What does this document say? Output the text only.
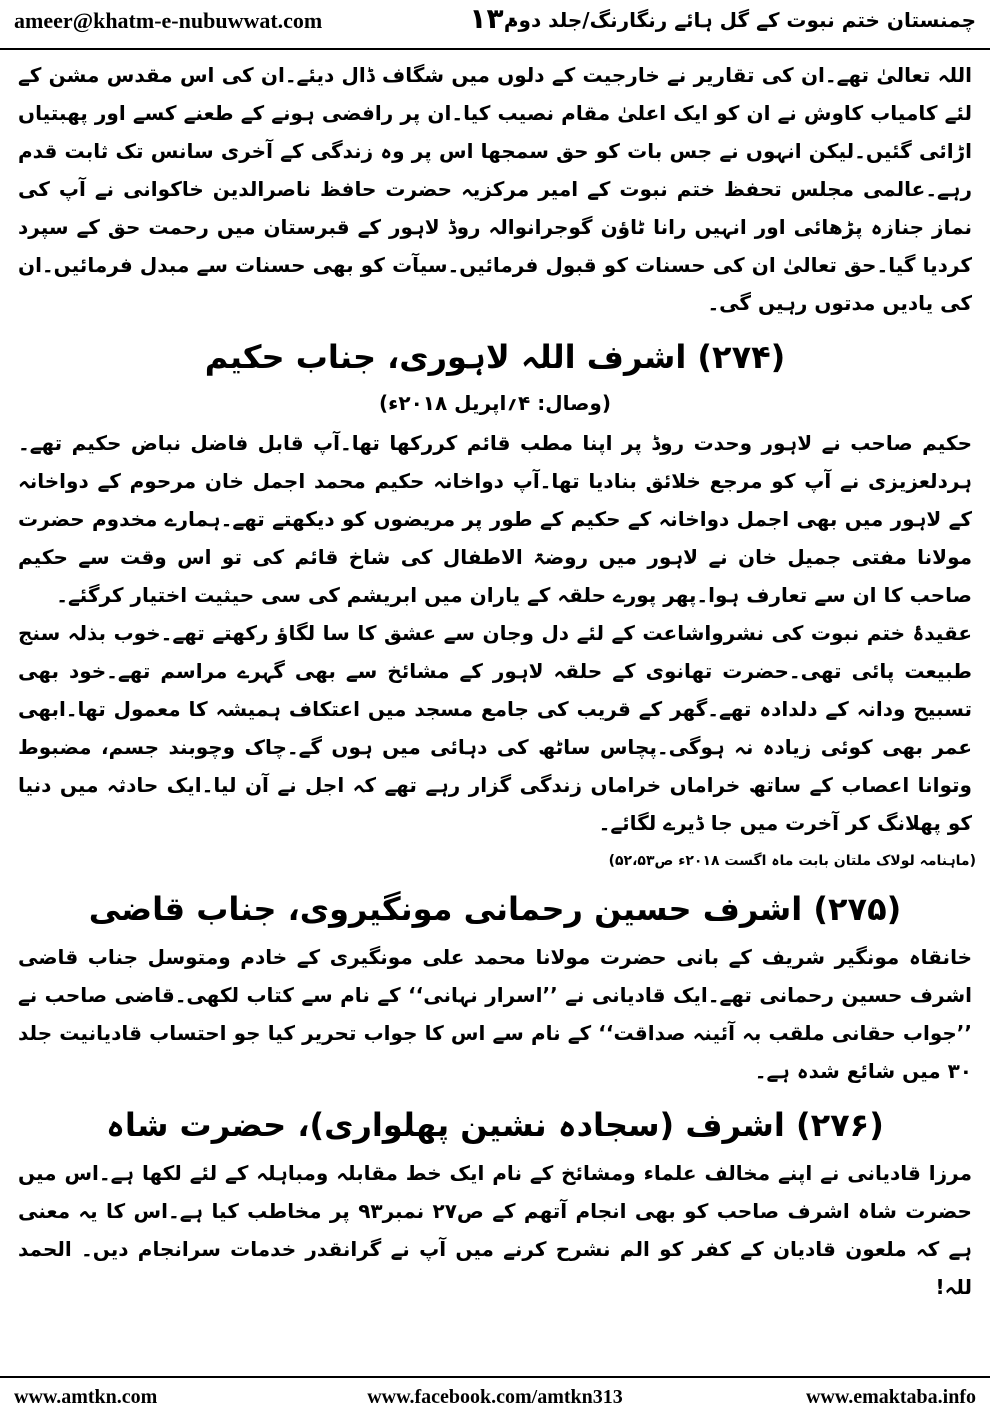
ameer@khatm-e-nubuwwat.com	۱۳۰
چمنستان ختم نبوت کے گل ہائے رنگارنگ/جلد دوم

اللہ تعالیٰ تھے۔ان کی تقاریر نے خارجیت کے دلوں میں شگاف ڈال دیئے۔ان کی اس مقدس مشن کے لئے کامیاب کاوش نے ان کو ایک اعلیٰ مقام نصیب کیا۔ان پر رافضی ہونے کے طعنے کسے اور پھبتیاں اڑائی گئیں۔لیکن انہوں نے جس بات کو حق سمجھا اس پر وہ زندگی کے آخری سانس تک ثابت قدم رہے۔عالمی مجلس تحفظ ختم نبوت کے امیر مرکزیہ حضرت حافظ ناصرالدین خاکوانی نے آپ کی نماز جنازہ پڑھائی اور انہیں رانا ٹاؤن گوجرانوالہ روڈ لاہور کے قبرستان میں رحمت حق کے سپرد کردیا گیا۔حق تعالیٰ ان کی حسنات کو قبول فرمائیں۔سیآت کو بھی حسنات سے مبدل فرمائیں۔ان کی یادیں مدتوں رہیں گی۔

(۲۷۴) اشرف اللہ لاہوری، جناب حکیم
(وصال: ۴؍اپریل ۲۰۱۸ء)

حکیم صاحب نے لاہور وحدت روڈ پر اپنا مطب قائم کررکھا تھا۔آپ قابل فاضل نباض حکیم تھے۔ہردلعزیزی نے آپ کو مرجع خلائق بنادیا تھا۔آپ دواخانہ حکیم محمد اجمل خان مرحوم کے دواخانہ کے لاہور میں بھی اجمل دواخانہ کے حکیم کے طور پر مریضوں کو دیکھتے تھے۔ہمارے مخدوم حضرت مولانا مفتی جمیل خان نے لاہور میں روضۃ الاطفال کی شاخ قائم کی تو اس وقت سے حکیم صاحب کا ان سے تعارف ہوا۔پھر پورے حلقہ کے یاران میں ابریشم کی سی حیثیت اختیار کرگئے۔

عقیدۂ ختم نبوت کی نشرواشاعت کے لئے دل وجان سے عشق کا سا لگاؤ رکھتے تھے۔خوب بذلہ سنج طبیعت پائی تھی۔حضرت تھانوی کے حلقہ لاہور کے مشائخ سے بھی گہرے مراسم تھے۔خود بھی تسبیح ودانہ کے دلدادہ تھے۔گھر کے قریب کی جامع مسجد میں اعتکاف ہمیشہ کا معمول تھا۔ابھی عمر بھی کوئی زیادہ نہ ہوگی۔پچاس ساٹھ کی دہائی میں ہوں گے۔چاک وچوبند جسم، مضبوط وتوانا اعصاب کے ساتھ خراماں خراماں زندگی گزار رہے تھے کہ اجل نے آن لیا۔ایک حادثہ میں دنیا کو پھلانگ کر آخرت میں جا ڈیرے لگائے۔

(ماہنامہ لولاک ملتان بابت ماہ اگست ۲۰۱۸ء ص۵۲،۵۳)
(۲۷۵) اشرف حسین رحمانی مونگیروی، جناب قاضی

خانقاہ مونگیر شریف کے بانی حضرت مولانا محمد علی مونگیری کے خادم ومتوسل جناب قاضی اشرف حسین رحمانی تھے۔ایک قادیانی نے ’’اسرار نہانی‘‘ کے نام سے کتاب لکھی۔قاضی صاحب نے ’’جواب حقانی ملقب بہ آئینہ صداقت‘‘ کے نام سے اس کا جواب تحریر کیا جو احتساب قادیانیت جلد ۳۰ میں شائع شدہ ہے۔

(۲۷۶) اشرف (سجادہ نشین پھلواری)، حضرت شاہ

مرزا قادیانی نے اپنے مخالف علماء ومشائخ کے نام ایک خط مقابلہ ومباہلہ کے لئے لکھا ہے۔اس میں حضرت شاہ اشرف صاحب کو بھی انجام آتھم کے ص۲۷ نمبر۹۳ پر مخاطب کیا ہے۔اس کا یہ معنی ہے کہ ملعون قادیان کے کفر کو الم نشرح کرنے میں آپ نے گرانقدر خدمات سرانجام دیں۔ الحمد للہ!

www.amtkn.com	www.facebook.com/amtkn313	www.emaktaba.info
